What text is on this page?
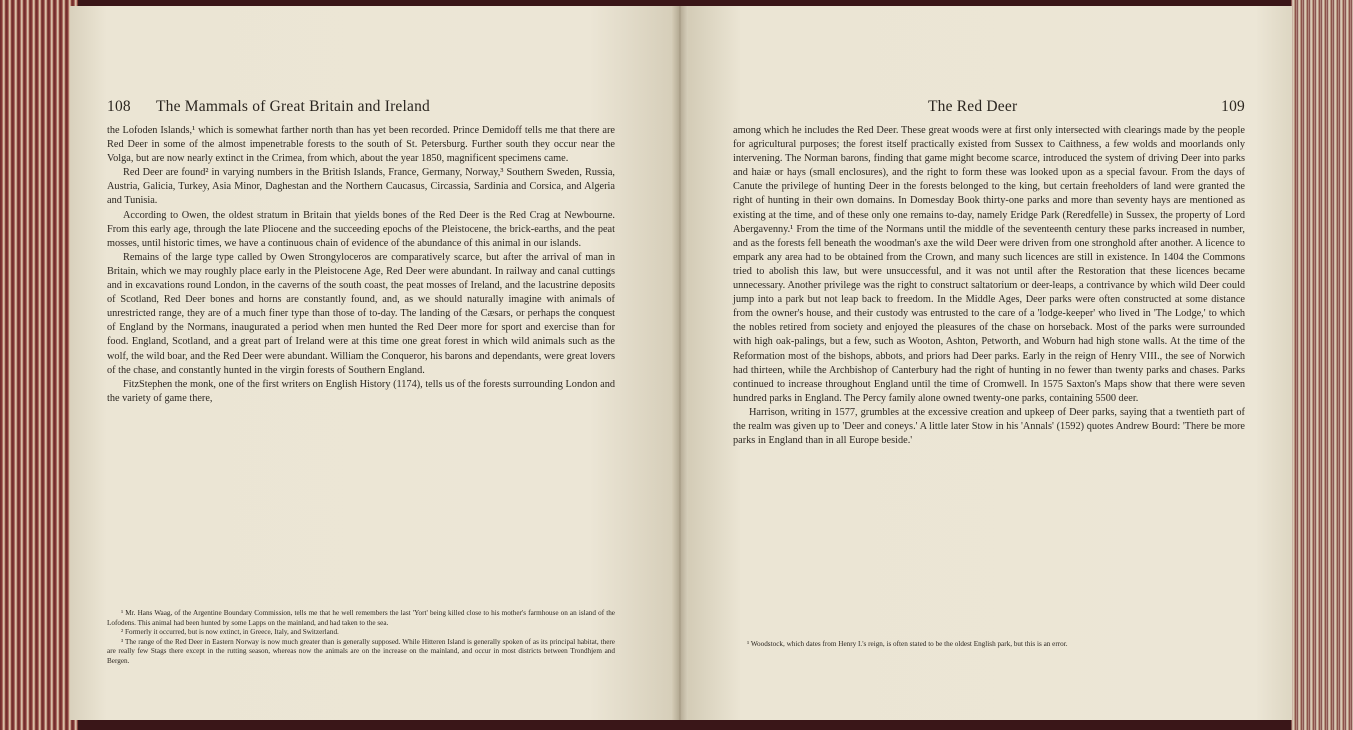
108 The Mammals of Great Britain and Ireland

the Lofoden Islands,¹ which is somewhat farther north than has yet been recorded. Prince Demidoff tells me that there are Red Deer in some of the almost impenetrable forests to the south of St. Petersburg. Further south they occur near the Volga, but are now nearly extinct in the Crimea, from which, about the year 1850, magnificent specimens came.

Red Deer are found² in varying numbers in the British Islands, France, Germany, Norway,³ Southern Sweden, Russia, Austria, Galicia, Turkey, Asia Minor, Daghestan and the Northern Caucasus, Circassia, Sardinia and Corsica, and Algeria and Tunisia.

According to Owen, the oldest stratum in Britain that yields bones of the Red Deer is the Red Crag at Newbourne. From this early age, through the late Pliocene and the succeeding epochs of the Pleistocene, the brick-earths, and the peat mosses, until historic times, we have a continuous chain of evidence of the abundance of this animal in our islands.

Remains of the large type called by Owen Strongyloceros are comparatively scarce, but after the arrival of man in Britain, which we may roughly place early in the Pleistocene Age, Red Deer were abundant. In railway and canal cuttings and in excavations round London, in the caverns of the south coast, the peat mosses of Ireland, and the lacustrine deposits of Scotland, Red Deer bones and horns are constantly found, and, as we should naturally imagine with animals of unrestricted range, they are of a much finer type than those of to-day. The landing of the Cæsars, or perhaps the conquest of England by the Normans, inaugurated a period when men hunted the Red Deer more for sport and exercise than for food. England, Scotland, and a great part of Ireland were at this time one great forest in which wild animals such as the wolf, the wild boar, and the Red Deer were abundant. William the Conqueror, his barons and dependants, were great lovers of the chase, and constantly hunted in the virgin forests of Southern England.

FitzStephen the monk, one of the first writers on English History (1174), tells us of the forests surrounding London and the variety of game there,

¹ Mr. Hans Waag, of the Argentine Boundary Commission, tells me that he well remembers the last 'Yort' being killed close to his mother's farmhouse on an island of the Lofodens. This animal had been hunted by some Lapps on the mainland, and had taken to the sea.

² Formerly it occurred, but is now extinct, in Greece, Italy, and Switzerland.

³ The range of the Red Deer in Eastern Norway is now much greater than is generally supposed. While Hitteren Island is generally spoken of as its principal habitat, there are really few Stags there except in the rutting season, whereas now the animals are on the increase on the mainland, and occur in most districts between Trondhjem and Bergen.

The Red Deer	109

among which he includes the Red Deer. These great woods were at first only intersected with clearings made by the people for agricultural purposes; the forest itself practically existed from Sussex to Caithness, a few wolds and moorlands only intervening. The Norman barons, finding that game might become scarce, introduced the system of driving Deer into parks and haiæ or hays (small enclosures), and the right to form these was looked upon as a special favour. From the days of Canute the privilege of hunting Deer in the forests belonged to the king, but certain freeholders of land were granted the right of hunting in their own domains. In Domesday Book thirty-one parks and more than seventy hays are mentioned as existing at the time, and of these only one remains to-day, namely Eridge Park (Reredfelle) in Sussex, the property of Lord Abergavenny.¹ From the time of the Normans until the middle of the seventeenth century these parks increased in number, and as the forests fell beneath the woodman's axe the wild Deer were driven from one stronghold after another. A licence to empark any area had to be obtained from the Crown, and many such licences are still in existence. In 1404 the Commons tried to abolish this law, but were unsuccessful, and it was not until after the Restoration that these licences became unnecessary. Another privilege was the right to construct saltatorium or deer-leaps, a contrivance by which wild Deer could jump into a park but not leap back to freedom. In the Middle Ages, Deer parks were often constructed at some distance from the owner's house, and their custody was entrusted to the care of a 'lodge-keeper' who lived in 'The Lodge,' to which the nobles retired from society and enjoyed the pleasures of the chase on horseback. Most of the parks were surrounded with high oak-palings, but a few, such as Wooton, Ashton, Petworth, and Woburn had high stone walls. At the time of the Reformation most of the bishops, abbots, and priors had Deer parks. Early in the reign of Henry VIII., the see of Norwich had thirteen, while the Archbishop of Canterbury had the right of hunting in no fewer than twenty parks and chases. Parks continued to increase throughout England until the time of Cromwell. In 1575 Saxton's Maps show that there were seven hundred parks in England. The Percy family alone owned twenty-one parks, containing 5500 deer.

Harrison, writing in 1577, grumbles at the excessive creation and upkeep of Deer parks, saying that a twentieth part of the realm was given up to 'Deer and coneys.' A little later Stow in his 'Annals' (1592) quotes Andrew Bourd: 'There be more parks in England than in all Europe beside.'

¹ Woodstock, which dates from Henry I.'s reign, is often stated to be the oldest English park, but this is an error.
